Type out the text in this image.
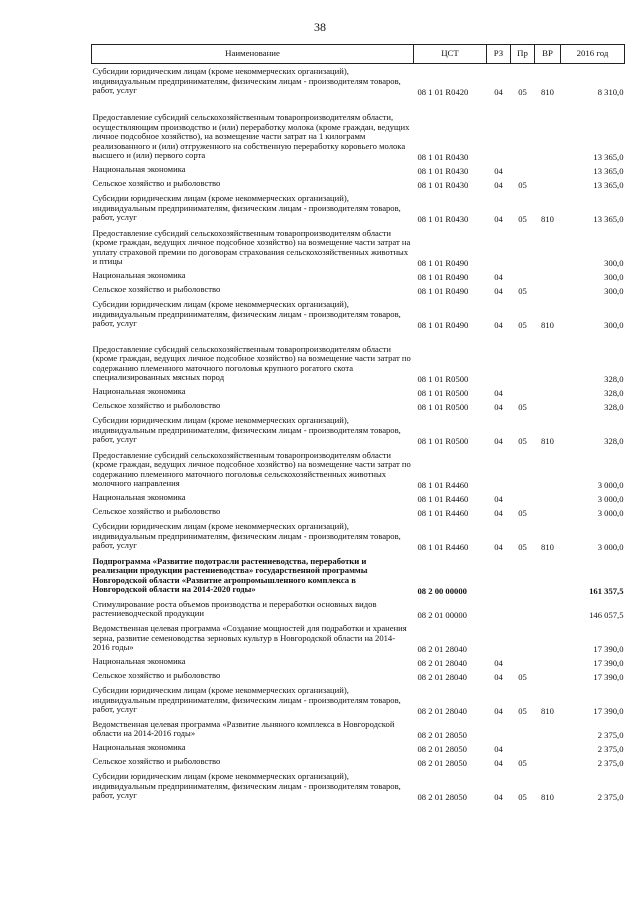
38
Наименование	ЦСТ	РЗ	Пр	ВР	2016 год
Субсидии юридическим лицам (кроме некоммерческих организаций), индивидуальным предпринимателям, физическим лицам - производителям товаров, работ, услуг	08 1 01 R0420	04	05	810	8 310,0
Предоставление субсидий сельскохозяйственным товаропроизводителям области, осуществляющим производство и (или) переработку молока (кроме граждан, ведущих личное подсобное хозяйство), на возмещение части затрат на 1 килограмм реализованного и (или) отгруженного на собственную переработку коровьего молока высшего и (или) первого сорта	08 1 01 R0430				13 365,0
Национальная экономика	08 1 01 R0430	04			13 365,0
Сельское хозяйство и рыболовство	08 1 01 R0430	04	05		13 365,0
Субсидии юридическим лицам (кроме некоммерческих организаций), индивидуальным предпринимателям, физическим лицам - производителям товаров, работ, услуг	08 1 01 R0430	04	05	810	13 365,0
Предоставление субсидий сельскохозяйственным товаропроизводителям области (кроме граждан, ведущих личное подсобное хозяйство) на возмещение части затрат на уплату страховой премии по договорам страхования сельскохозяйственных животных и птицы	08 1 01 R0490				300,0
Национальная экономика	08 1 01 R0490	04			300,0
Сельское хозяйство и рыболовство	08 1 01 R0490	04	05		300,0
Субсидии юридическим лицам (кроме некоммерческих организаций), индивидуальным предпринимателям, физическим лицам - производителям товаров, работ, услуг	08 1 01 R0490	04	05	810	300,0
Предоставление субсидий сельскохозяйственным товаропроизводителям области (кроме граждан, ведущих личное подсобное хозяйство) на возмещение части затрат по содержанию племенного маточного поголовья крупного рогатого скота специализированных мясных пород	08 1 01 R0500				328,0
Национальная экономика	08 1 01 R0500	04			328,0
Сельское хозяйство и рыболовство	08 1 01 R0500	04	05		328,0
Субсидии юридическим лицам (кроме некоммерческих организаций), индивидуальным предпринимателям, физическим лицам - производителям товаров, работ, услуг	08 1 01 R0500	04	05	810	328,0
Предоставление субсидий сельскохозяйственным товаропроизводителям области (кроме граждан, ведущих личное подсобное хозяйство) на возмещение части затрат по содержанию племенного маточного поголовья сельскохозяйственных животных молочного направления	08 1 01 R4460				3 000,0
Национальная экономика	08 1 01 R4460	04			3 000,0
Сельское хозяйство и рыболовство	08 1 01 R4460	04	05		3 000,0
Субсидии юридическим лицам (кроме некоммерческих организаций), индивидуальным предпринимателям, физическим лицам - производителям товаров, работ, услуг	08 1 01 R4460	04	05	810	3 000,0
Подпрограмма «Развитие подотрасли растениеводства, переработки и реализации продукции растениеводства» государственной программы Новгородской области «Развитие агропромышленного комплекса в Новгородской области на 2014-2020 годы»	08 2 00 00000				161 357,5
Стимулирование роста объемов производства и переработки основных видов растениеводческой продукции	08 2 01 00000				146 057,5
Ведомственная целевая программа «Создание мощностей для подработки и хранения зерна, развитие семеноводства зерновых культур в Новгородской области на 2014-2016 годы»	08 2 01 28040				17 390,0
Национальная экономика	08 2 01 28040	04			17 390,0
Сельское хозяйство и рыболовство	08 2 01 28040	04	05		17 390,0
Субсидии юридическим лицам (кроме некоммерческих организаций), индивидуальным предпринимателям, физическим лицам - производителям товаров, работ, услуг	08 2 01 28040	04	05	810	17 390,0
Ведомственная целевая программа «Развитие льняного комплекса в Новгородской области на 2014-2016 годы»	08 2 01 28050				2 375,0
Национальная экономика	08 2 01 28050	04			2 375,0
Сельское хозяйство и рыболовство	08 2 01 28050	04	05		2 375,0
Субсидии юридическим лицам (кроме некоммерческих организаций), индивидуальным предпринимателям, физическим лицам - производителям товаров, работ, услуг	08 2 01 28050	04	05	810	2 375,0
